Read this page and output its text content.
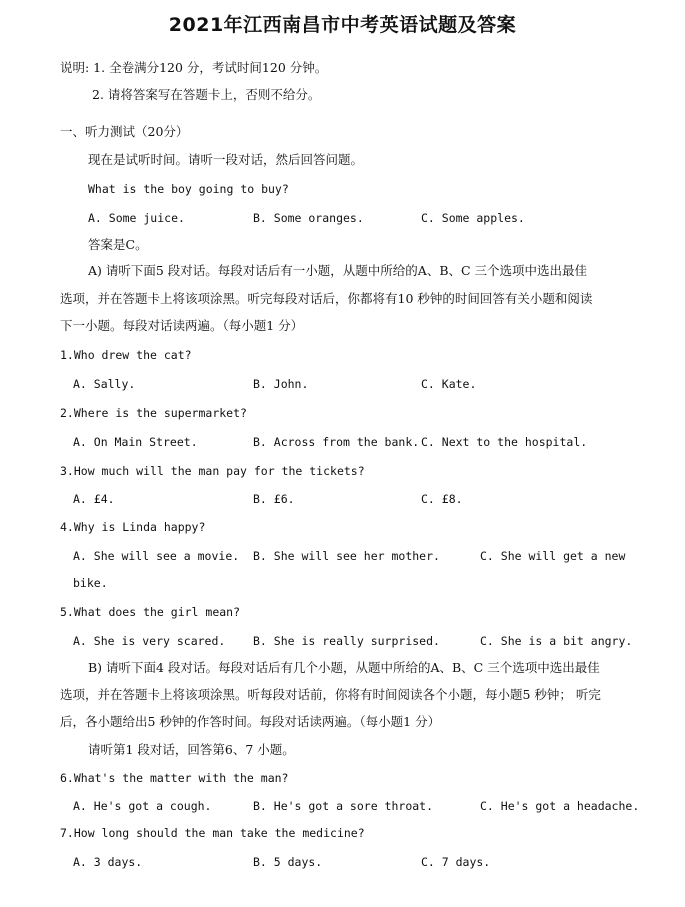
2021年江西南昌市中考英语试题及答案
说明: 1. 全卷满分120 分，考试时间120 分钟。
2. 请将答案写在答题卡上，否则不给分。
一、听力测试（20分）
现在是试听时间。请听一段对话，然后回答问题。
What is the boy going to buy?
A. Some juice.	B. Some oranges.	C. Some apples.
答案是C。
A) 请听下面5 段对话。每段对话后有一小题，从题中所给的A、B、C 三个选项中选出最佳
选项，并在答题卡上将该项涂黑。听完每段对话后，你都将有10 秒钟的时间回答有关小题和阅读
下一小题。每段对话读两遍。（每小题1 分）
1.Who drew the cat?
A. Sally.	B. John.	C. Kate.
2.Where is the supermarket?
A. On Main Street.	B. Across from the bank. C. Next to the hospital.
3.How much will the man pay for the tickets?
A. £4.	B. £6.	C. £8.
4.Why is Linda happy?
A. She will see a movie. B. She will see her mother.	C. She will get a new
bike.
5.What does the girl mean?
A. She is very scared. B. She is really surprised.	C. She is a bit angry.
B) 请听下面4 段对话。每段对话后有几个小题，从题中所给的A、B、C 三个选项中选出最佳
选项，并在答题卡上将该项涂黑。听每段对话前，你将有时间阅读各个小题，每小题5 秒钟； 听完
后，各小题给出5 秒钟的作答时间。每段对话读两遍。（每小题1 分）
请听第1 段对话，回答第6、7 小题。
6.What's the matter with the man?
A. He's got a cough.	B. He's got a sore throat.	C. He's got a headache.
7.How long should the man take the medicine?
A. 3 days.	B. 5 days.	C. 7 days.
